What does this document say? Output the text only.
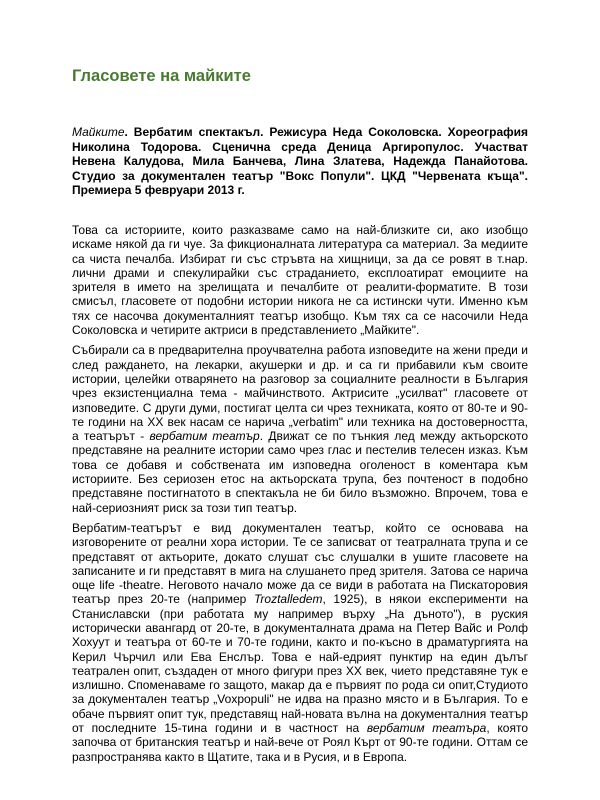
Гласовете на майките
Майките. Вербатим спектакъл. Режисура Неда Соколовска. Хореография Николина Тодорова. Сценична среда Деница Аргиропулос. Участват Невена Калудова, Мила Банчева, Лина Златева, Надежда Панайотова. Студио за документален театър "Вокс Попули". ЦКД "Червената къща". Премиера 5 февруари 2013 г.

Това са историите, които разказваме само на най-близките си, ако изобщо искаме някой да ги чуе. За фикционалната литература са материал. За медиите са чиста печалба. Избират ги със стръвта на хищници, за да се ровят в т.нар. лични драми и спекулирайки със страданието, експлоатират емоциите на зрителя в името на зрелищата и печалбите от реалити-форматите. В този смисъл, гласовете от подобни истории никога не са истински чути. Именно към тях се насочва документалният театър изобщо. Към тях са се насочили Неда Соколовска и четирите актриси в представлението „Майките".

Събирали са в предварителна проучвателна работа изповедите на жени преди и след раждането, на лекарки, акушерки и др. и са ги прибавили към своите истории, целейки отварянето на разговор за социалните реалности в България чрез екзистенциална тема - майчинството. Актрисите „усилват" гласовете от изповедите. С други думи, постигат целта си чрез техниката, която от 80-те и 90-те години на XX век насам се нарича „verbatim" или техника на достоверността, а театърът - вербатим театър. Движат се по тънкия лед между актьорското представяне на реалните истории само чрез глас и пестелив телесен изказ. Към това се добавя и собствената им изповедна оголеност в коментара към историите. Без сериозен етос на актьорската трупа, без почтеност в подобно представяне постигнатото в спектакъла не би било възможно. Впрочем, това е най-сериозният риск за този тип театър.

Вербатим-театърът е вид документален театър, който се основава на изговорените от реални хора истории. Те се записват от театралната трупа и се представят от актьорите, докато слушат със слушалки в ушите гласовете на записаните и ги представят в мига на слушането пред зрителя. Затова се нарича още life -theatre. Неговото начало може да се види в работата на Пискаторовия театър през 20-те (например Troztalledem, 1925), в някои експерименти на Станиславски (при работата му например върху „На дъното"), в руския исторически авангард от 20-те, в документалната драма на Петер Вайс и Ролф Хохуут и театъра от 60-те и 70-те години, както и по-късно в драматургията на Керил Чърчил или Ева Енслър. Това е най-едрият пунктир на един дълъг театрален опит, създаден от много фигури през XX век, чието представяне тук е излишно. Споменаваме го защото, макар да е първият по рода си опит,Студиото за документален театър „Voxpopuli" не идва на празно място и в България. То е обаче първият опит тук, представящ най-новата вълна на документалния театър от последните 15-тина години и в частност на вербатим театъра, която започва от британския театър и най-вече от Роял Кърт от 90-те години. Оттам се разпространява както в Щатите, така и в Русия, и в Европа.
